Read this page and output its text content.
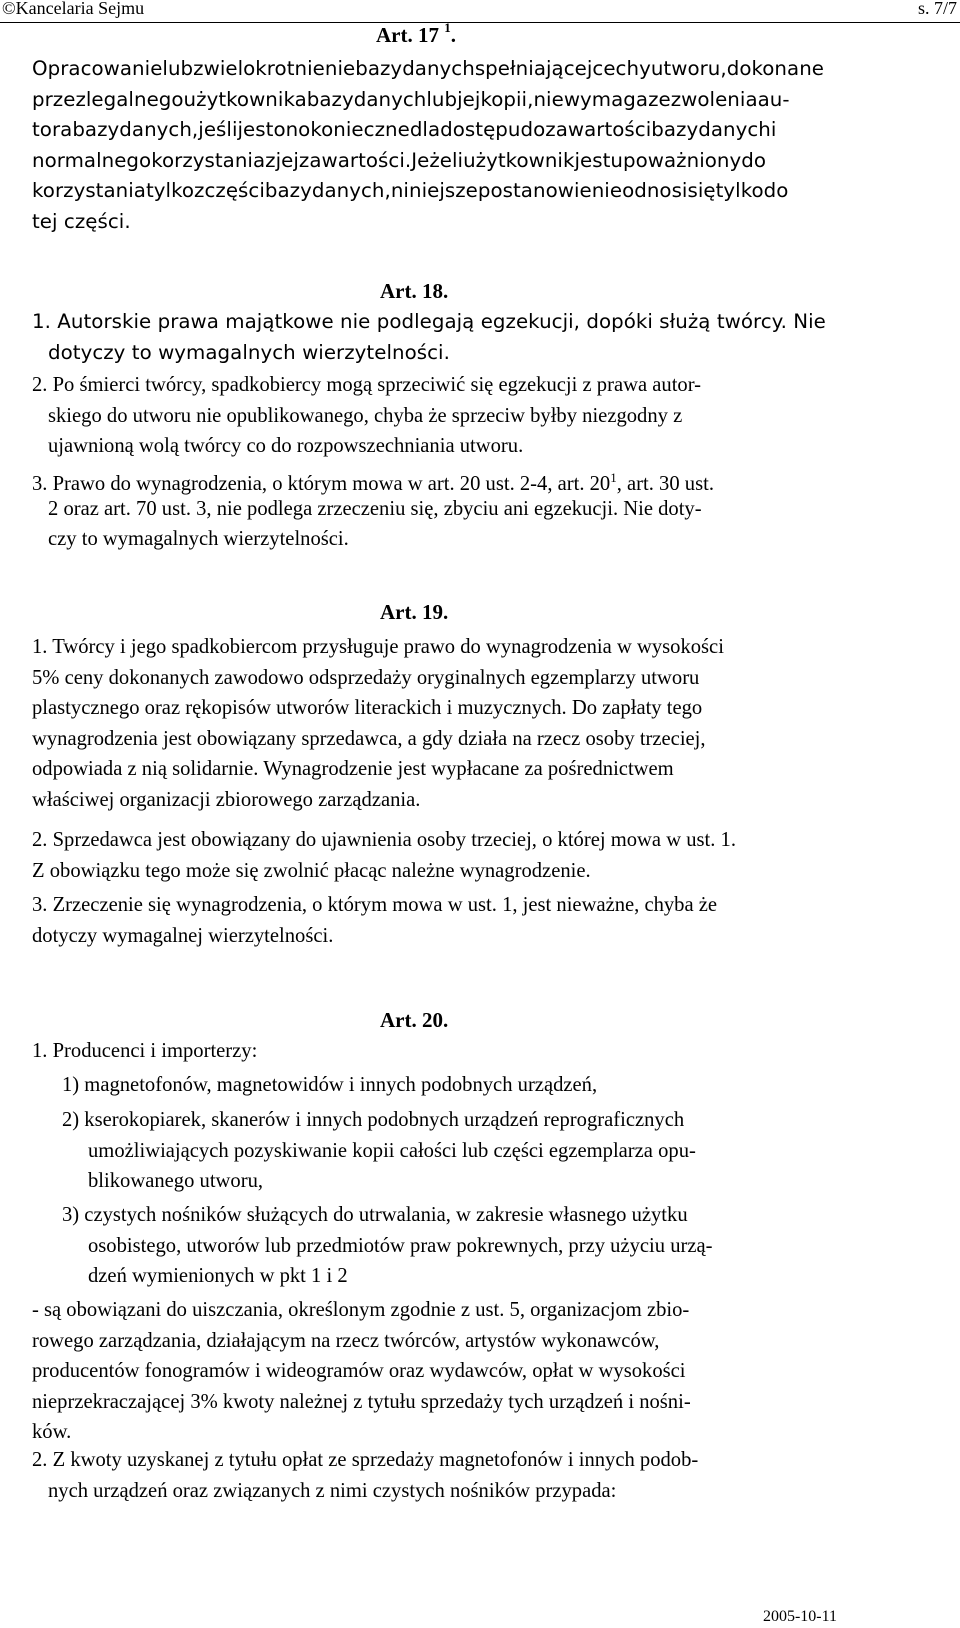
©Kancelaria Sejmu	s. 7/7
Art. 17 $^1$.
Opracowanielubzwielokrotnieniebazydanychspełniającejcechyutworu,dokonane
przezlegalnegoużytkownikabazydanychlubjejkopii,niewymagazezwoleniaau-
torabazydanych,jeślijestonokoniecznedladostępudozawartościbazydanychi
normalnegokorzystaniazjejzawartości.Jeżeliużytkownikjestupoważnionydo
korzystaniatylkozczęścibazydanych,niniejszepostanowienieodnosisiętylkodo
tej części.
Art. 18.
1. Autorskie prawa majątkowe nie podlegają egzekucji, dopóki służą twórcy. Nie
dotyczy to wymagalnych wierzytelności.
2. Po śmierci twórcy, spadkobiercy mogą sprzeciwić się egzekucji z prawa autor-
skiego do utworu nie opublikowanego, chyba że sprzeciw byłby niezgodny z
ujawnioną wolą twórcy co do rozpowszechniania utworu.
3. Prawo do wynagrodzenia, o którym mowa w art. 20 ust. 2-4, art. $20^1$, art. 30 ust.
2 oraz art. 70 ust. 3, nie podlega zrzeczeniu się, zbyciu ani egzekucji. Nie doty-
czy to wymagalnych wierzytelności.
Art. 19.
1. Twórcy i jego spadkobiercom przysługuje prawo do wynagrodzenia w wysokości
5% ceny dokonanych zawodowo odsprzedaży oryginalnych egzemplarzy utworu
plastycznego oraz rękopisów utworów literackich i muzycznych. Do zapłaty tego
wynagrodzenia jest obowiązany sprzedawca, a gdy działa na rzecz osoby trzeciej,
odpowiada z nią solidarnie. Wynagrodzenie jest wypłacane za pośrednictwem
właściwej organizacji zbiorowego zarządzania.
2. Sprzedawca jest obowiązany do ujawnienia osoby trzeciej, o której mowa w ust. 1.
Z obowiązku tego może się zwolnić płacąc należne wynagrodzenie.
3. Zrzeczenie się wynagrodzenia, o którym mowa w ust. 1, jest nieważne, chyba że
dotyczy wymagalnej wierzytelności.
Art. 20.
1. Producenci i importerzy:
1) magnetofonów, magnetowidów i innych podobnych urządzeń,
2) kserokopiarek, skanerów i innych podobnych urządzeń reprograficznych
umożliwiających pozyskiwanie kopii całości lub części egzemplarza opu-
blikowanego utworu,
3) czystych nośników służących do utrwalania, w zakresie własnego użytku
osobistego, utworów lub przedmiotów praw pokrewnych, przy użyciu urzą-
dzeń wymienionych w pkt 1 i 2
- są obowiązani do uiszczania, określonym zgodnie z ust. 5, organizacjom zbio-
rowego zarządzania, działającym na rzecz twórców, artystów wykonawców,
producentów fonogramów i wideogramów oraz wydawców, opłat w wysokości
nieprzekraczającej 3% kwoty należnej z tytułu sprzedaży tych urządzeń i nośni-
ków.
2. Z kwoty uzyskanej z tytułu opłat ze sprzedaży magnetofonów i innych podob-
nych urządzeń oraz związanych z nimi czystych nośników przypada:
2005-10-11
